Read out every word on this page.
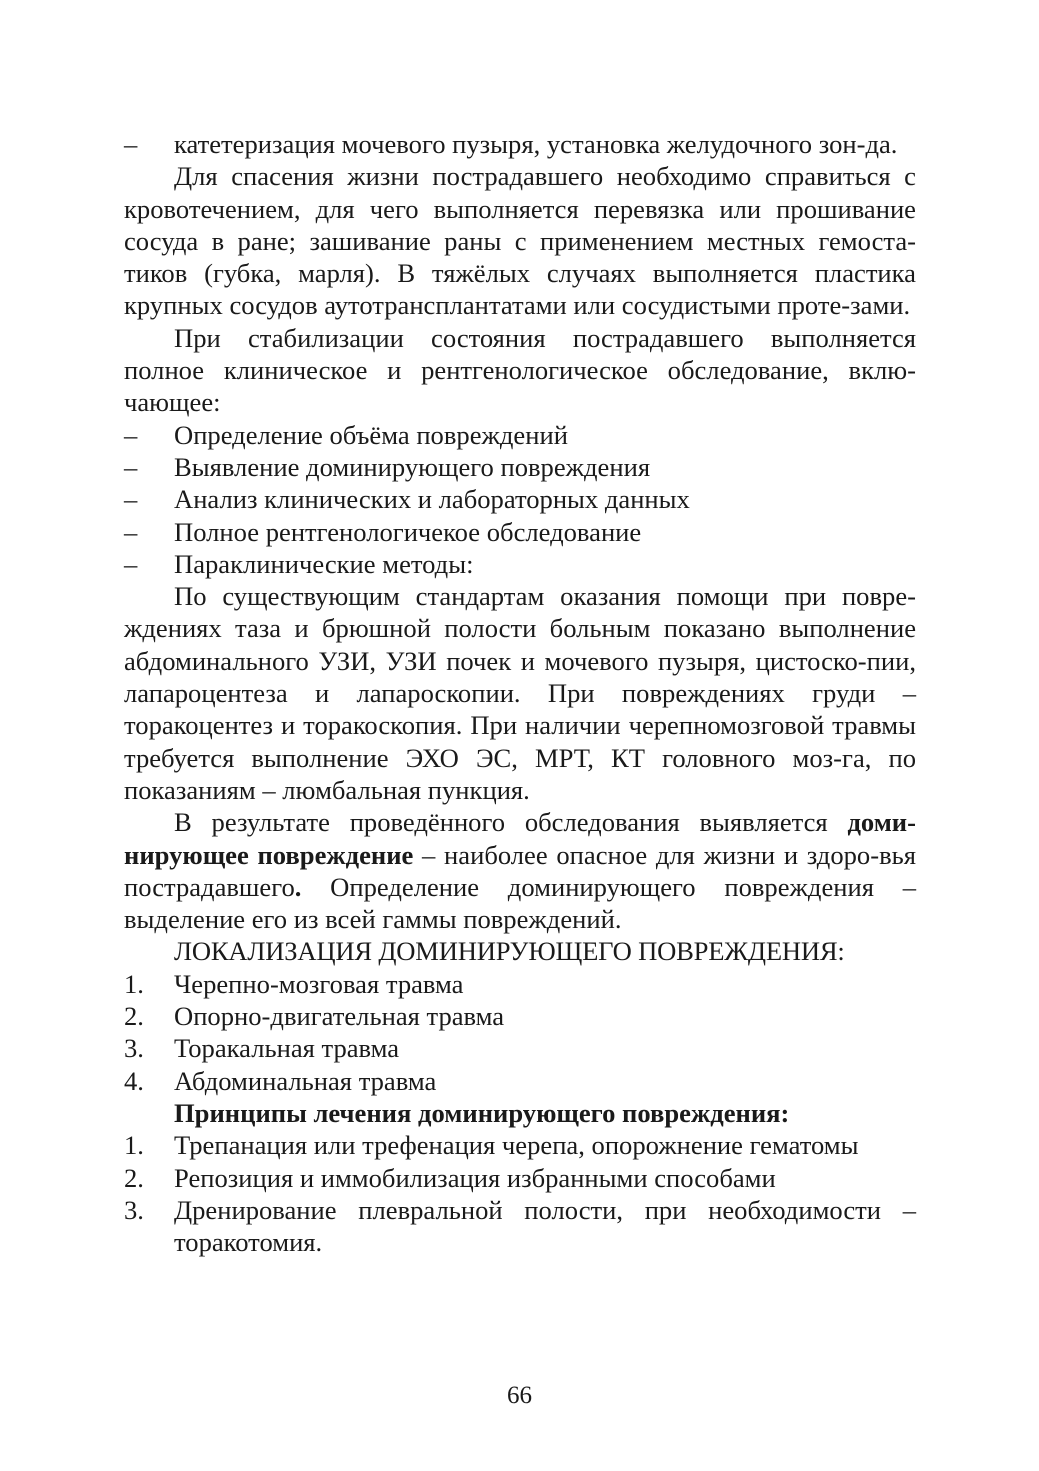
–	катетеризация мочевого пузыря, установка желудочного зон-да.

Для спасения жизни пострадавшего необходимо справиться с кровотечением, для чего выполняется перевязка или прошивание сосуда в ране; зашивание раны с применением местных гемоста-тиков (губка, марля). В тяжёлых случаях выполняется пластика крупных сосудов аутотрансплантатами или сосудистыми проте-зами.

При стабилизации состояния пострадавшего выполняется полное клиническое и рентгенологическое обследование, вклю-чающее:

–	Определение объёма повреждений
–	Выявление доминирующего повреждения
–	Анализ клинических и лабораторных данных
–	Полное рентгенологичекое обследование
–	Параклинические методы:

По существующим стандартам оказания помощи при повре-ждениях таза и брюшной полости больным показано выполнение абдоминального УЗИ, УЗИ почек и мочевого пузыря, цистоско-пии, лапароцентеза и лапароскопии. При повреждениях груди – торакоцентез и торакоскопия. При наличии черепномозговой травмы требуется выполнение ЭХО ЭС, МРТ, КТ головного моз-га, по показаниям – люмбальная пункция.

В результате проведённого обследования выявляется доми-нирующее повреждение – наиболее опасное для жизни и здоро-вья пострадавшего. Определение доминирующего повреждения – выделение его из всей гаммы повреждений.

ЛОКАЛИЗАЦИЯ ДОМИНИРУЮЩЕГО ПОВРЕЖДЕНИЯ:

1.	Черепно-мозговая травма
2.	Опорно-двигательная травма
3.	Торакальная травма
4.	Абдоминальная травма

Принципы лечения доминирующего повреждения:

1.	Трепанация или трефенация черепа, опорожнение гематомы
2.	Репозиция и иммобилизация избранными способами
3.	Дренирование плевральной полости, при необходимости – торакотомия.
66
